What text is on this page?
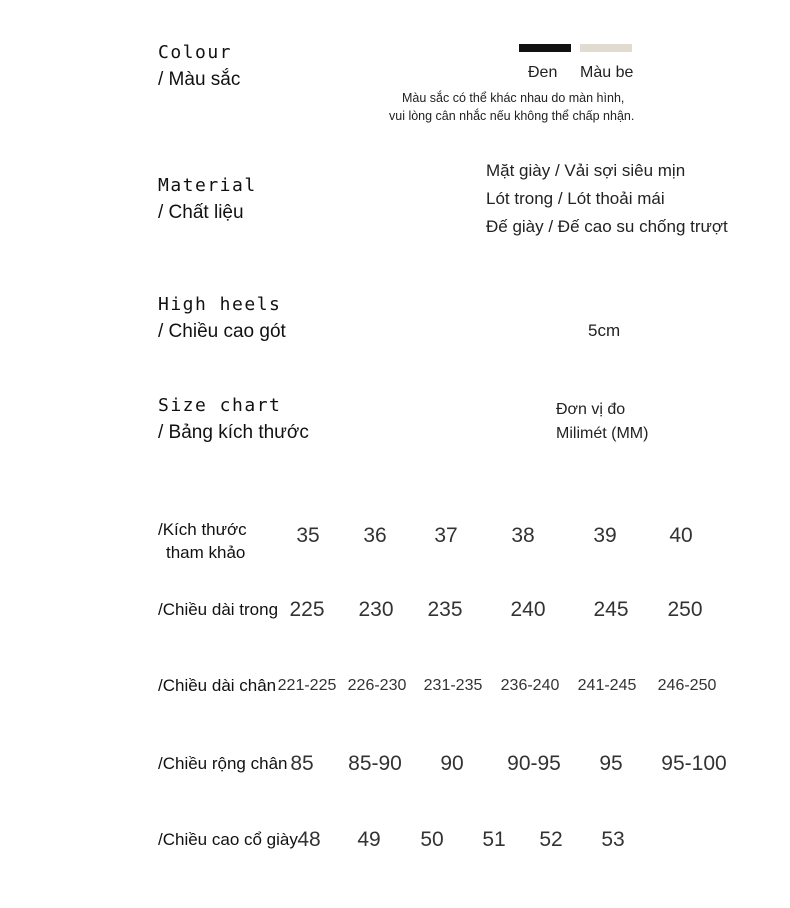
Colour
/ Màu sắc	Đen Màu be
Màu sắc có thể khác nhau do màn hình,
vui lòng cân nhắc nếu không thể chấp nhận.
Material
/ Chất liệu
Mặt giày / Vải sợi siêu mịn
Lót trong / Lót thoải mái
Đế giày / Đế cao su chống trượt
High heels
/ Chiều cao gót	5cm
Size chart
/ Bảng kích thước
Đơn vị đo
Milimét (MM)
/Kích thước
tham khảo
35 36 37	38	39	40
/Chiều dài trong 225 230 235 240 245 250
/Chiều dài chân 221-225 226-230 231-235 236-240 241-245 246-250
/Chiều rộng chân 85 85-90 90 90-95 95 95-100
/Chiều cao cổ giày 48 49 50 51 52 53
